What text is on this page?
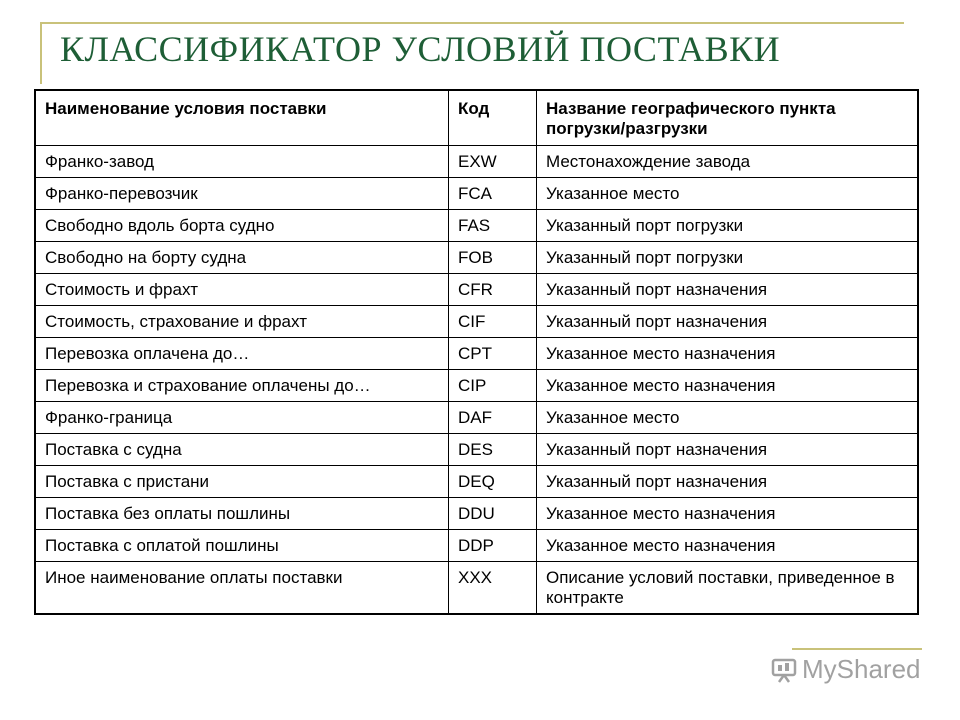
КЛАССИФИКАТОР УСЛОВИЙ ПОСТАВКИ
Наименование условия поставки	Код	Название географического пункта погрузки/разгрузки
Франко-завод	EXW	Местонахождение завода
Франко-перевозчик	FCA	Указанное место
Свободно вдоль борта судно	FAS	Указанный порт погрузки
Свободно на борту судна	FOB	Указанный порт погрузки
Стоимость и фрахт	CFR	Указанный порт назначения
Стоимость, страхование и фрахт	CIF	Указанный порт назначения
Перевозка оплачена до…	CPT	Указанное место назначения
Перевозка и страхование оплачены до…	CIP	Указанное место назначения
Франко-граница	DAF	Указанное место
Поставка с судна	DES	Указанный порт назначения
Поставка с пристани	DEQ	Указанный порт назначения
Поставка без оплаты пошлины	DDU	Указанное место назначения
Поставка с оплатой пошлины	DDP	Указанное место назначения
Иное наименование оплаты поставки	XXX	Описание условий поставки, приведенное в контракте
MyShared
